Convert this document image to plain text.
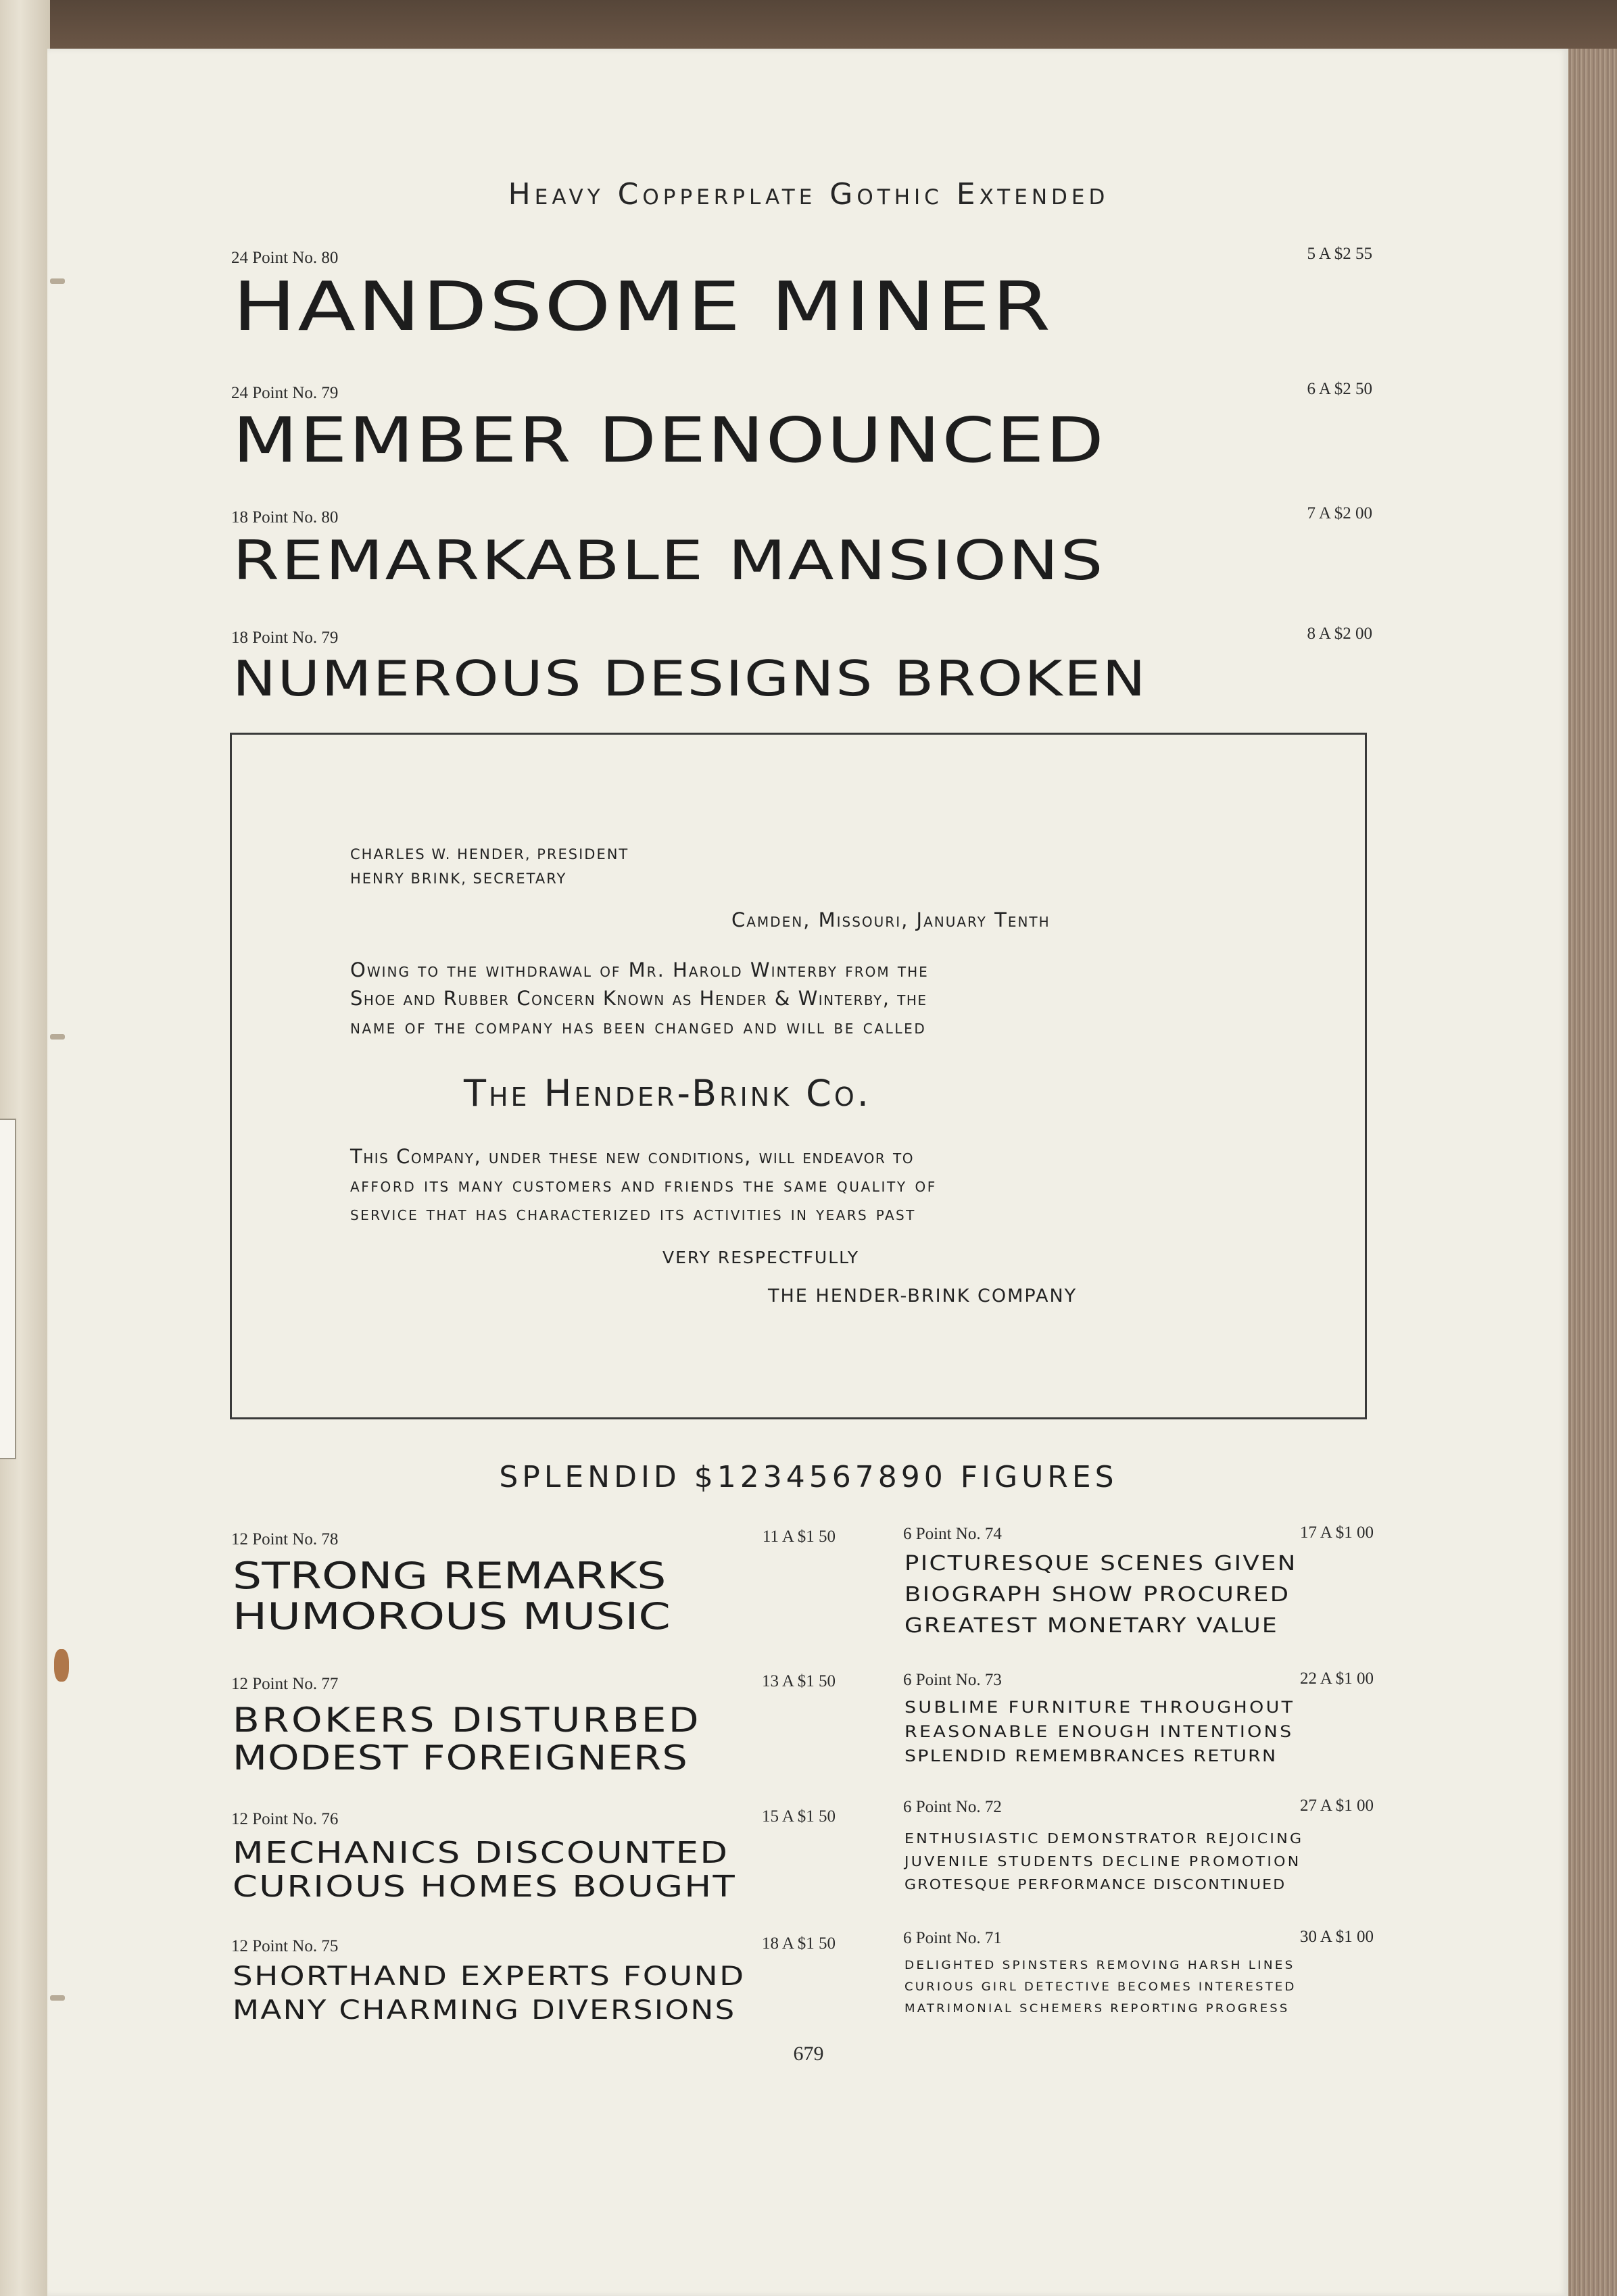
Heavy Copperplate Gothic Extended
24 Point No. 80	5 A $2 55
HANDSOME MINER
24 Point No. 79	6 A $2 50
MEMBER DENOUNCED
18 Point No. 80	7 A $2 00
REMARKABLE MANSIONS
18 Point No. 79	8 A $2 00
NUMEROUS DESIGNS BROKEN
CHARLES W. HENDER, PRESIDENT
HENRY BRINK, SECRETARY
Camden, Missouri, January Tenth
Owing to the withdrawal of Mr. Harold Winterby from the
Shoe and Rubber Concern Known as Hender & Winterby, the
name of the company has been changed and will be called
The Hender-Brink Co.
This Company, under these new conditions, will endeavor to
afford its many customers and friends the same quality of
service that has characterized its activities in years past
VERY RESPECTFULLY
THE HENDER-BRINK COMPANY
SPLENDID $1234567890 FIGURES
12 Point No. 78	11 A $1 50
STRONG REMARKS
HUMOROUS MUSIC
12 Point No. 77	13 A $1 50
BROKERS DISTURBED
MODEST FOREIGNERS
12 Point No. 76	15 A $1 50
MECHANICS DISCOUNTED
CURIOUS HOMES BOUGHT
12 Point No. 75	18 A $1 50
SHORTHAND EXPERTS FOUND
MANY CHARMING DIVERSIONS
6 Point No. 74	17 A $1 00
PICTURESQUE SCENES GIVEN
BIOGRAPH SHOW PROCURED
GREATEST MONETARY VALUE
6 Point No. 73	22 A $1 00
SUBLIME FURNITURE THROUGHOUT
REASONABLE ENOUGH INTENTIONS
SPLENDID REMEMBRANCES RETURN
6 Point No. 72	27 A $1 00
ENTHUSIASTIC DEMONSTRATOR REJOICING
JUVENILE STUDENTS DECLINE PROMOTION
GROTESQUE PERFORMANCE DISCONTINUED
6 Point No. 71	30 A $1 00
DELIGHTED SPINSTERS REMOVING HARSH LINES
CURIOUS GIRL DETECTIVE BECOMES INTERESTED
MATRIMONIAL SCHEMERS REPORTING PROGRESS
679
